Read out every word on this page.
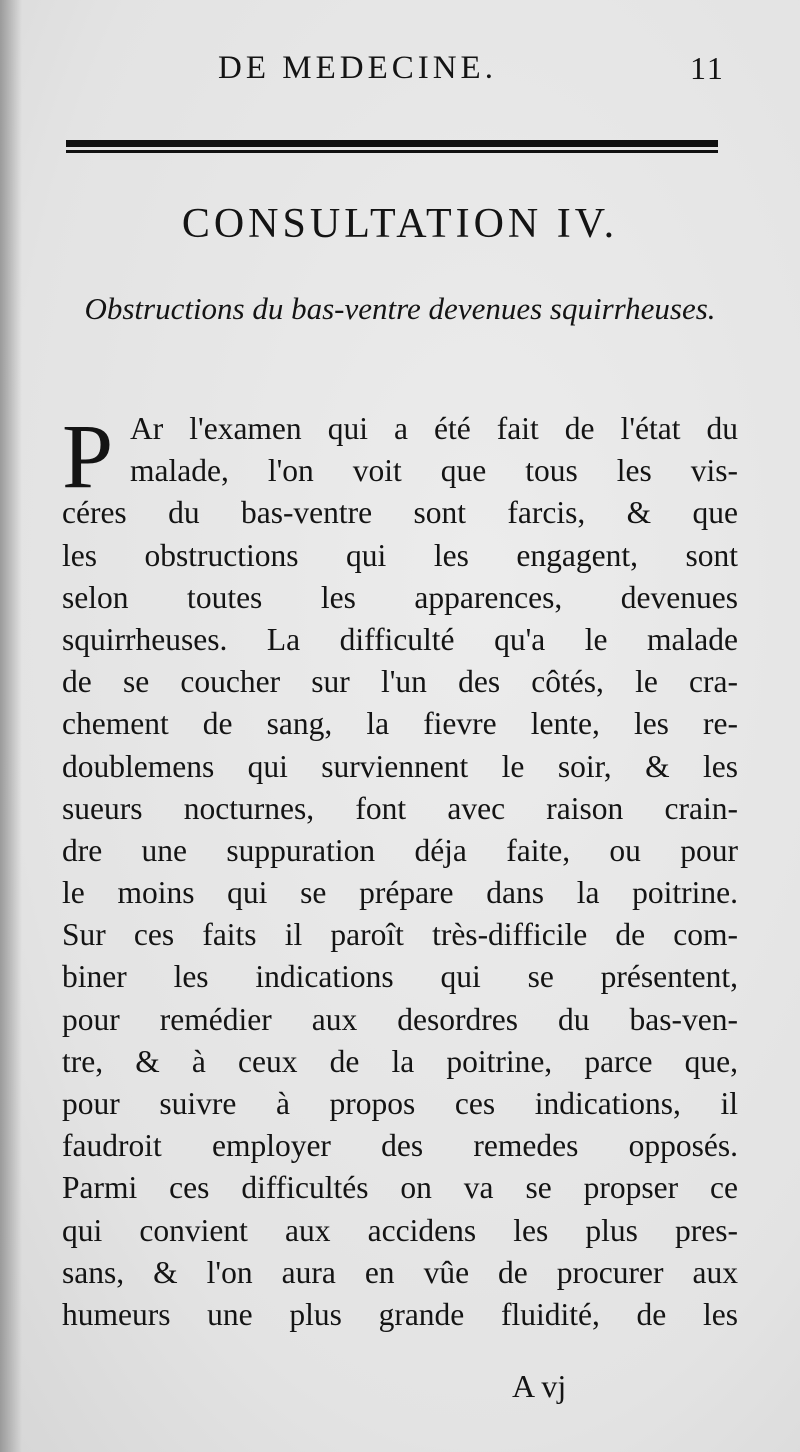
DE MEDECINE.	11
CONSULTATION IV.
Obstructions du bas-ventre devenues squirrheuses.
P Ar l'examen qui a été fait de l'état du
malade, l'on voit que tous les vis-
céres du bas-ventre sont farcis, & que
les obstructions qui les engagent, sont
selon toutes les apparences, devenues
squirrheuses. La difficulté qu'a le malade
de se coucher sur l'un des côtés, le cra-
chement de sang, la fievre lente, les re-
doublemens qui surviennent le soir, & les
sueurs nocturnes, font avec raison crain-
dre une suppuration déja faite, ou pour
le moins qui se prépare dans la poitrine.
Sur ces faits il paroît très-difficile de com-
biner les indications qui se présentent,
pour remédier aux desordres du bas-ven-
tre, & à ceux de la poitrine, parce que,
pour suivre à propos ces indications, il
faudroit employer des remedes opposés.
Parmi ces difficultés on va se propser ce
qui convient aux accidens les plus pres-
sans, & l'on aura en vûe de procurer aux
humeurs une plus grande fluidité, de les
A vj
